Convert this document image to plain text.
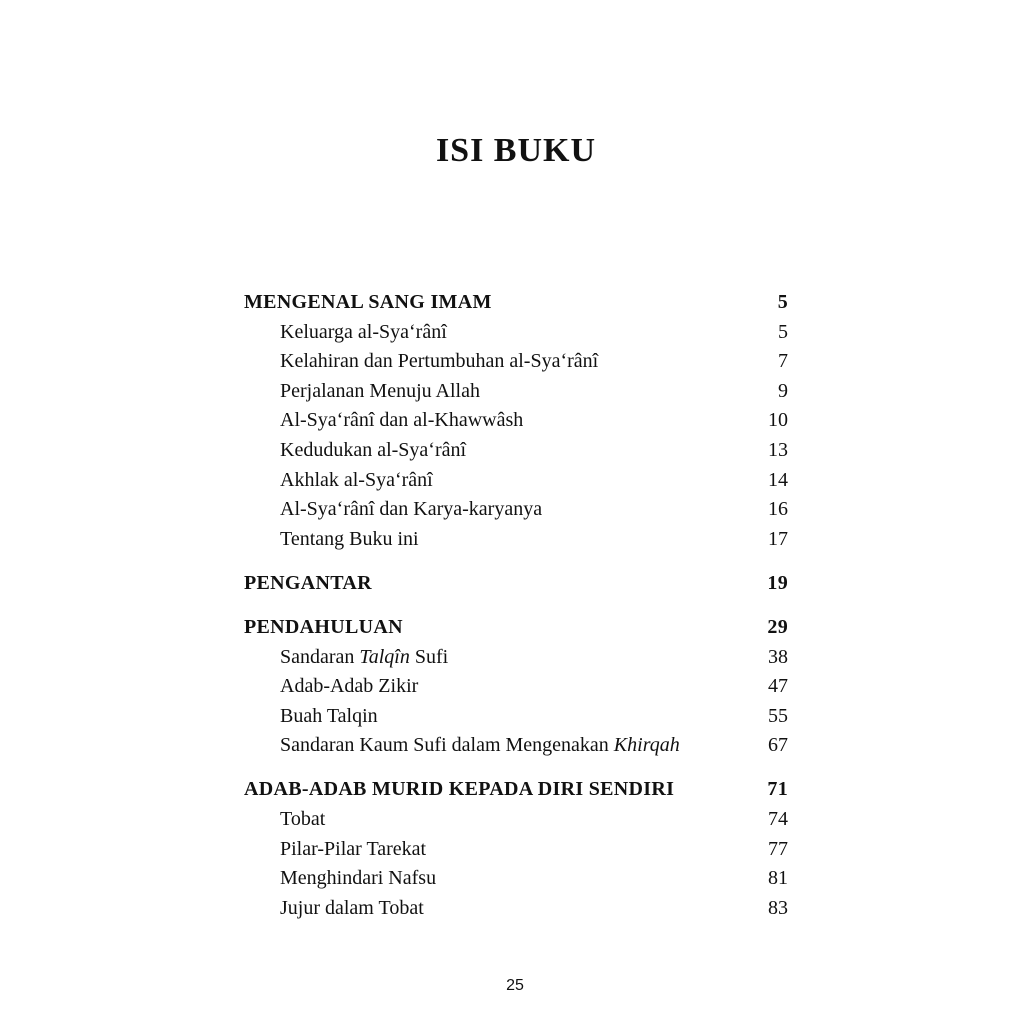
ISI BUKU
MENGENAL SANG IMAM	5
Keluarga al-Sya‘rânî	5
Kelahiran dan Pertumbuhan al-Sya‘rânî	7
Perjalanan Menuju Allah	9
Al-Sya‘rânî dan al-Khawwâsh	10
Kedudukan al-Sya‘rânî	13
Akhlak al-Sya‘rânî	14
Al-Sya‘rânî dan Karya-karyanya	16
Tentang Buku ini	17
PENGANTAR	19
PENDAHULUAN	29
Sandaran Talqîn Sufi	38
Adab-Adab Zikir	47
Buah Talqin	55
Sandaran Kaum Sufi dalam Mengenakan Khirqah	67
ADAB-ADAB MURID KEPADA DIRI SENDIRI	71
Tobat	74
Pilar-Pilar Tarekat	77
Menghindari Nafsu	81
Jujur dalam Tobat	83
25
